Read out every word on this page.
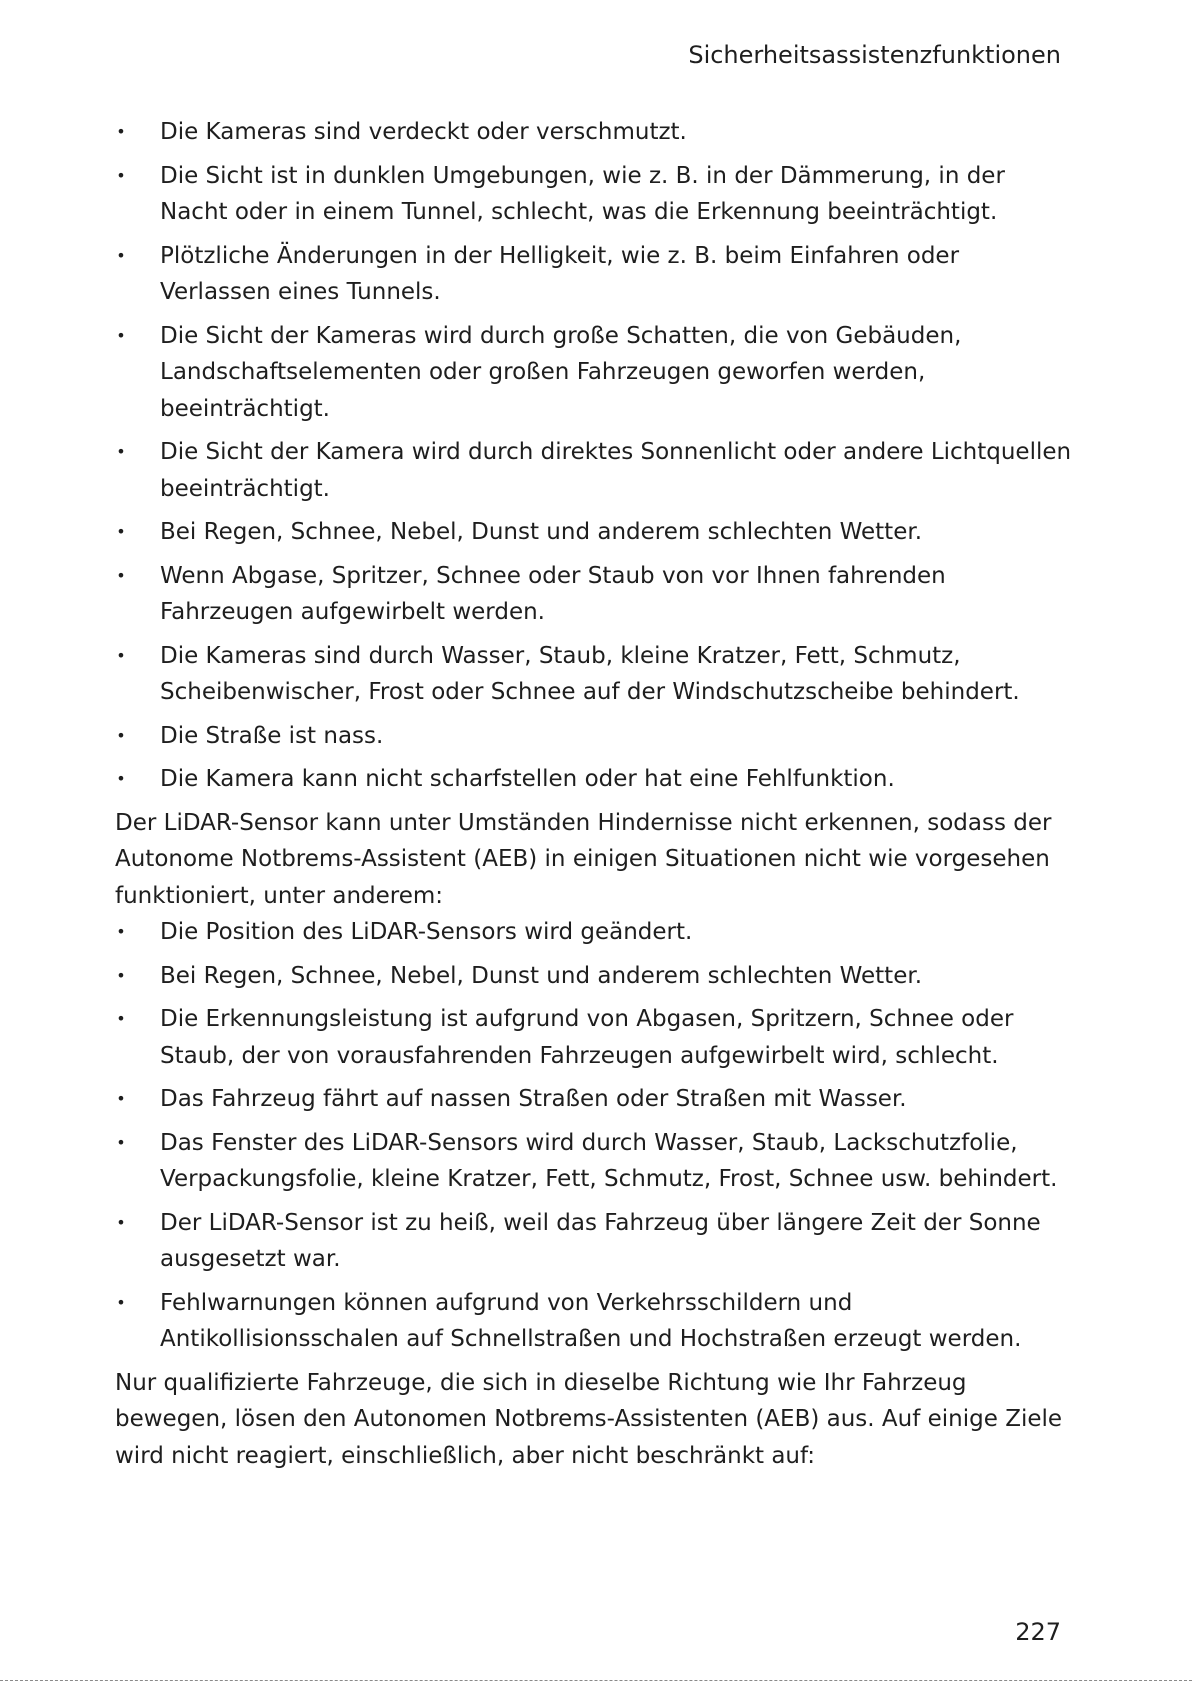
Sicherheitsassistenzfunktionen
• Die Kameras sind verdeckt oder verschmutzt.
• Die Sicht ist in dunklen Umgebungen, wie z. B. in der Dämmerung, in der Nacht oder in einem Tunnel, schlecht, was die Erkennung beeinträchtigt.
• Plötzliche Änderungen in der Helligkeit, wie z. B. beim Einfahren oder Verlassen eines Tunnels.
• Die Sicht der Kameras wird durch große Schatten, die von Gebäuden, Landschaftselementen oder großen Fahrzeugen geworfen werden, beeinträchtigt.
• Die Sicht der Kamera wird durch direktes Sonnenlicht oder andere Lichtquellen beeinträchtigt.
• Bei Regen, Schnee, Nebel, Dunst und anderem schlechten Wetter.
• Wenn Abgase, Spritzer, Schnee oder Staub von vor Ihnen fahrenden Fahrzeugen aufgewirbelt werden.
• Die Kameras sind durch Wasser, Staub, kleine Kratzer, Fett, Schmutz, Scheibenwischer, Frost oder Schnee auf der Windschutzscheibe behindert.
• Die Straße ist nass.
• Die Kamera kann nicht scharfstellen oder hat eine Fehlfunktion.

Der LiDAR-Sensor kann unter Umständen Hindernisse nicht erkennen, sodass der Autonome Notbrems-Assistent (AEB) in einigen Situationen nicht wie vorgesehen funktioniert, unter anderem:

• Die Position des LiDAR-Sensors wird geändert.
• Bei Regen, Schnee, Nebel, Dunst und anderem schlechten Wetter.
• Die Erkennungsleistung ist aufgrund von Abgasen, Spritzern, Schnee oder Staub, der von vorausfahrenden Fahrzeugen aufgewirbelt wird, schlecht.
• Das Fahrzeug fährt auf nassen Straßen oder Straßen mit Wasser.
• Das Fenster des LiDAR-Sensors wird durch Wasser, Staub, Lackschutzfolie, Verpackungsfolie, kleine Kratzer, Fett, Schmutz, Frost, Schnee usw. behindert.
• Der LiDAR-Sensor ist zu heiß, weil das Fahrzeug über längere Zeit der Sonne ausgesetzt war.
• Fehlwarnungen können aufgrund von Verkehrsschildern und Antikollisionsschalen auf Schnellstraßen und Hochstraßen erzeugt werden.

Nur qualifizierte Fahrzeuge, die sich in dieselbe Richtung wie Ihr Fahrzeug bewegen, lösen den Autonomen Notbrems-Assistenten (AEB) aus. Auf einige Ziele wird nicht reagiert, einschließlich, aber nicht beschränkt auf:

227
